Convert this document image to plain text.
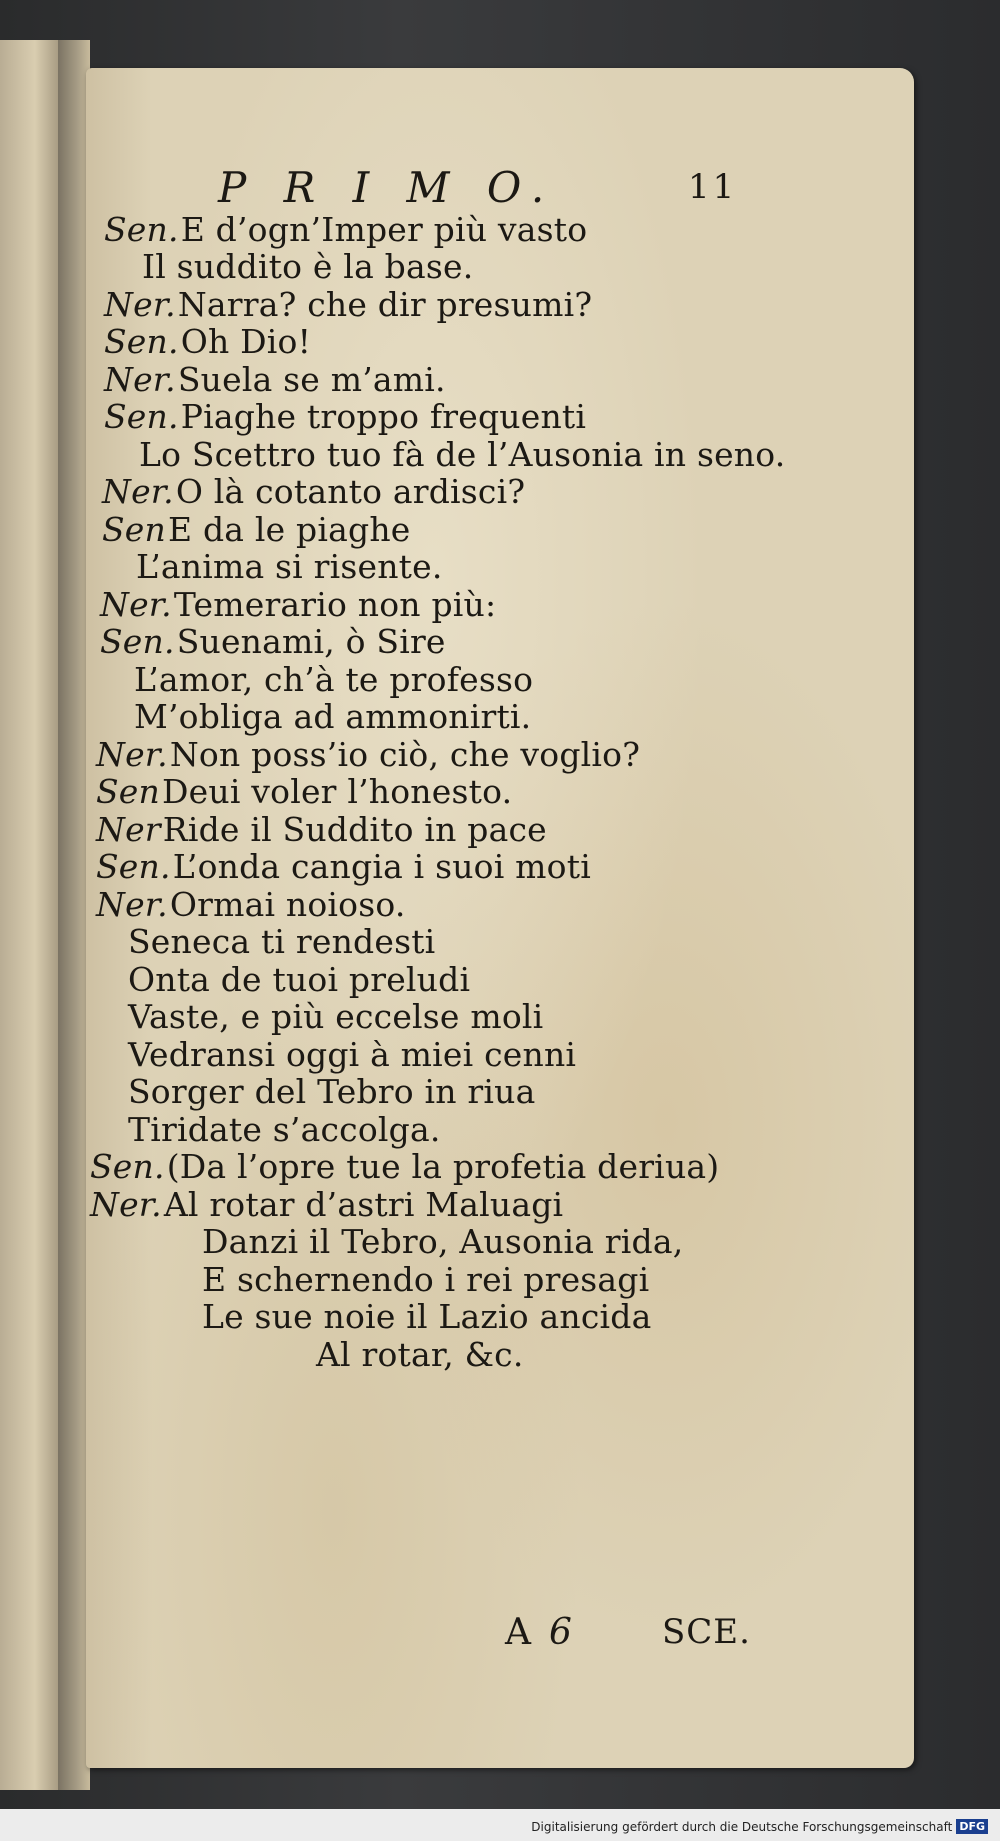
P R I M O.	11
Sen.E d’ogn’Imper più vasto
Il suddito è la base.
Ner.Narra? che dir presumi?
Sen.Oh Dio!
Ner.Suela se m’ami.
Sen.Piaghe troppo frequenti
Lo Scettro tuo fà de l’Ausonia in seno.
Ner.O là cotanto ardisci?
SenE da le piaghe
L’anima si risente.
Ner.Temerario non più:
Sen.Suenami, ò Sire
L’amor, ch’à te professo
M’obliga ad ammonirti.
Ner.Non poss’io ciò, che voglio?
SenDeui voler l’honesto.
NerRide il Suddito in pace
Sen.L’onda cangia i suoi moti
Ner.Ormai noioso.
Seneca ti rendesti
Onta de tuoi preludi
Vaste, e più eccelse moli
Vedransi oggi à miei cenni
Sorger del Tebro in riua
Tiridate s’accolga.
Sen.(Da l’opre tue la profetia deriua)
Ner.Al rotar d’astri Maluagi
Danzi il Tebro, Ausonia rida,
E schernendo i rei presagi
Le sue noie il Lazio ancida
Al rotar, &c.
A 6	SCE.
Digitalisierung gefördert durch die Deutsche Forschungsgemeinschaft DFG
